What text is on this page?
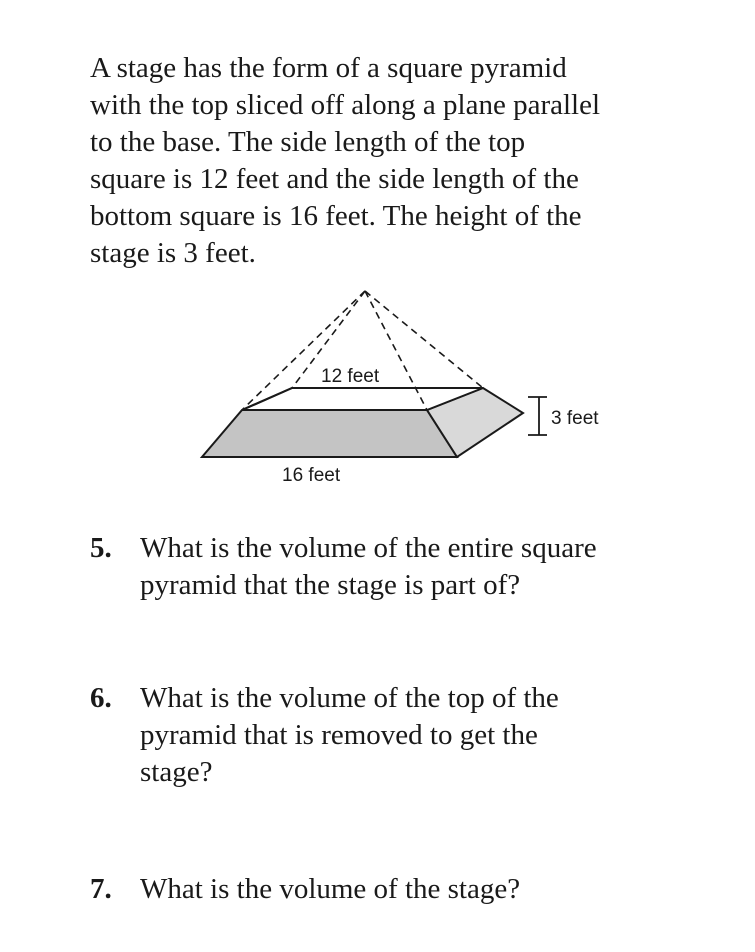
A stage has the form of a square pyramid
with the top sliced off along a plane parallel
to the base. The side length of the top
square is 12 feet and the side length of the
bottom square is 16 feet. The height of the
stage is 3 feet.
12 feet
3 feet
16 feet
5. What is the volume of the entire square
pyramid that the stage is part of?
6. What is the volume of the top of the
pyramid that is removed to get the
stage?
7. What is the volume of the stage?
